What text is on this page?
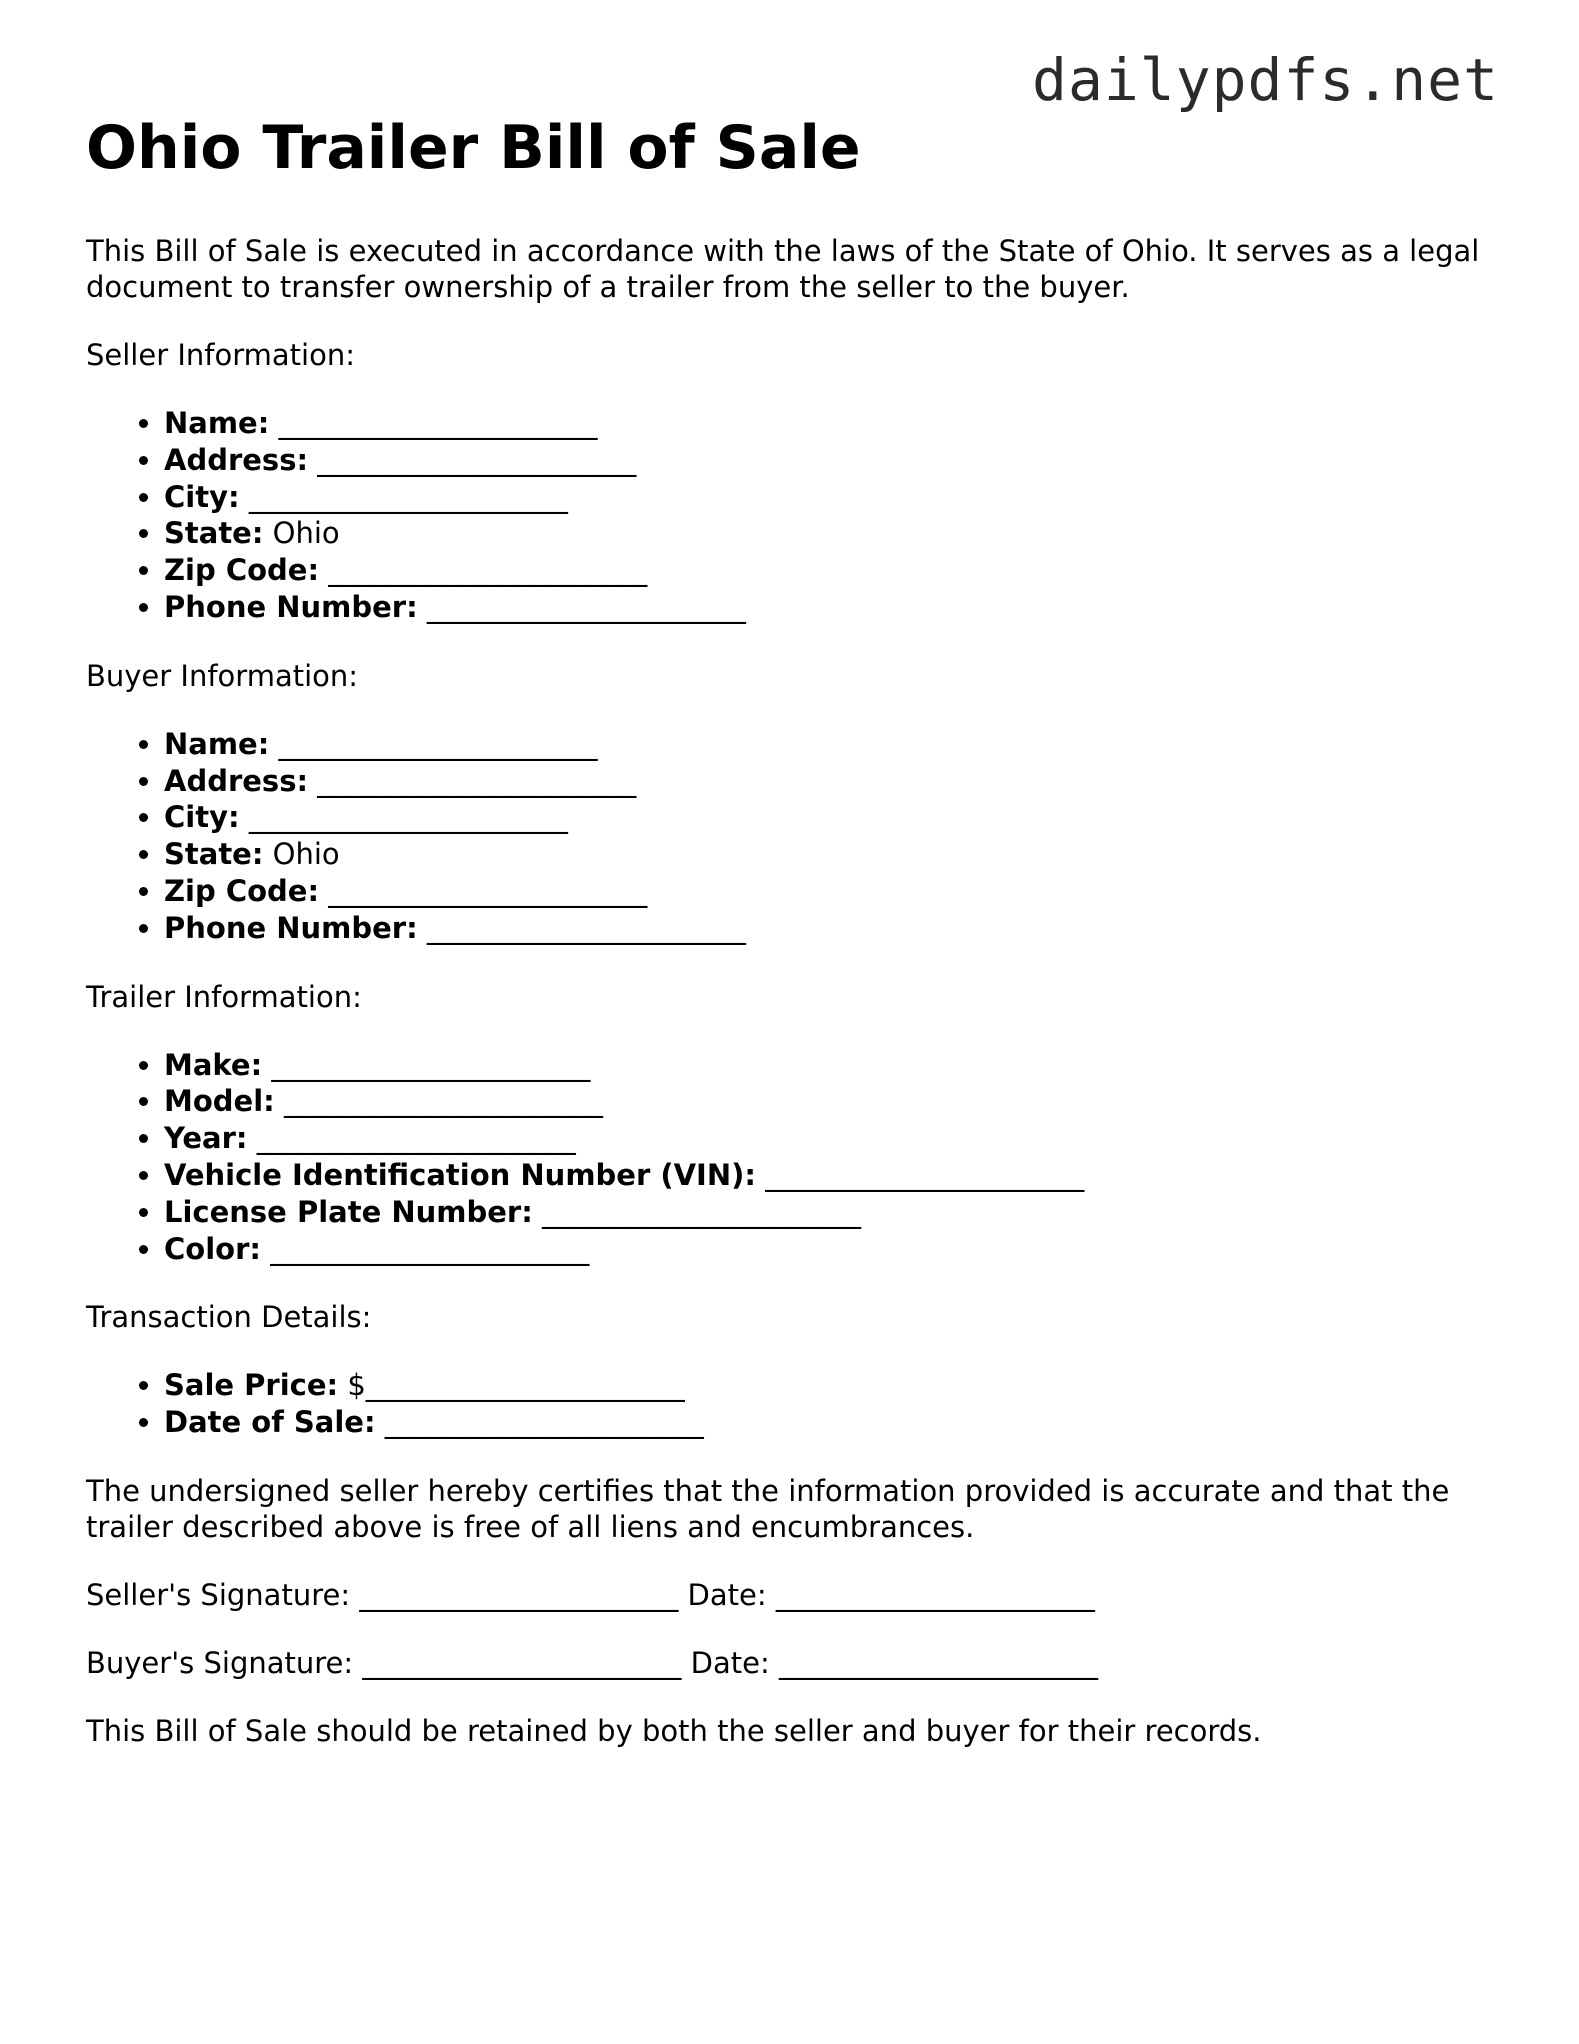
dailypdfs.net
Ohio Trailer Bill of Sale

This Bill of Sale is executed in accordance with the laws of the State of Ohio. It serves as a legal document to transfer ownership of a trailer from the seller to the buyer.

Seller Information:

• Name: ______________________
• Address: ______________________
• City: ______________________
• State: Ohio
• Zip Code: ______________________
• Phone Number: ______________________

Buyer Information:

• Name: ______________________
• Address: ______________________
• City: ______________________
• State: Ohio
• Zip Code: ______________________
• Phone Number: ______________________

Trailer Information:

• Make: ______________________
• Model: ______________________
• Year: ______________________
• Vehicle Identification Number (VIN): ______________________
• License Plate Number: ______________________
• Color: ______________________

Transaction Details:

• Sale Price: $______________________
• Date of Sale: ______________________

The undersigned seller hereby certifies that the information provided is accurate and that the trailer described above is free of all liens and encumbrances.

Seller's Signature: ______________________ Date: ______________________

Buyer's Signature: ______________________ Date: ______________________

This Bill of Sale should be retained by both the seller and buyer for their records.
